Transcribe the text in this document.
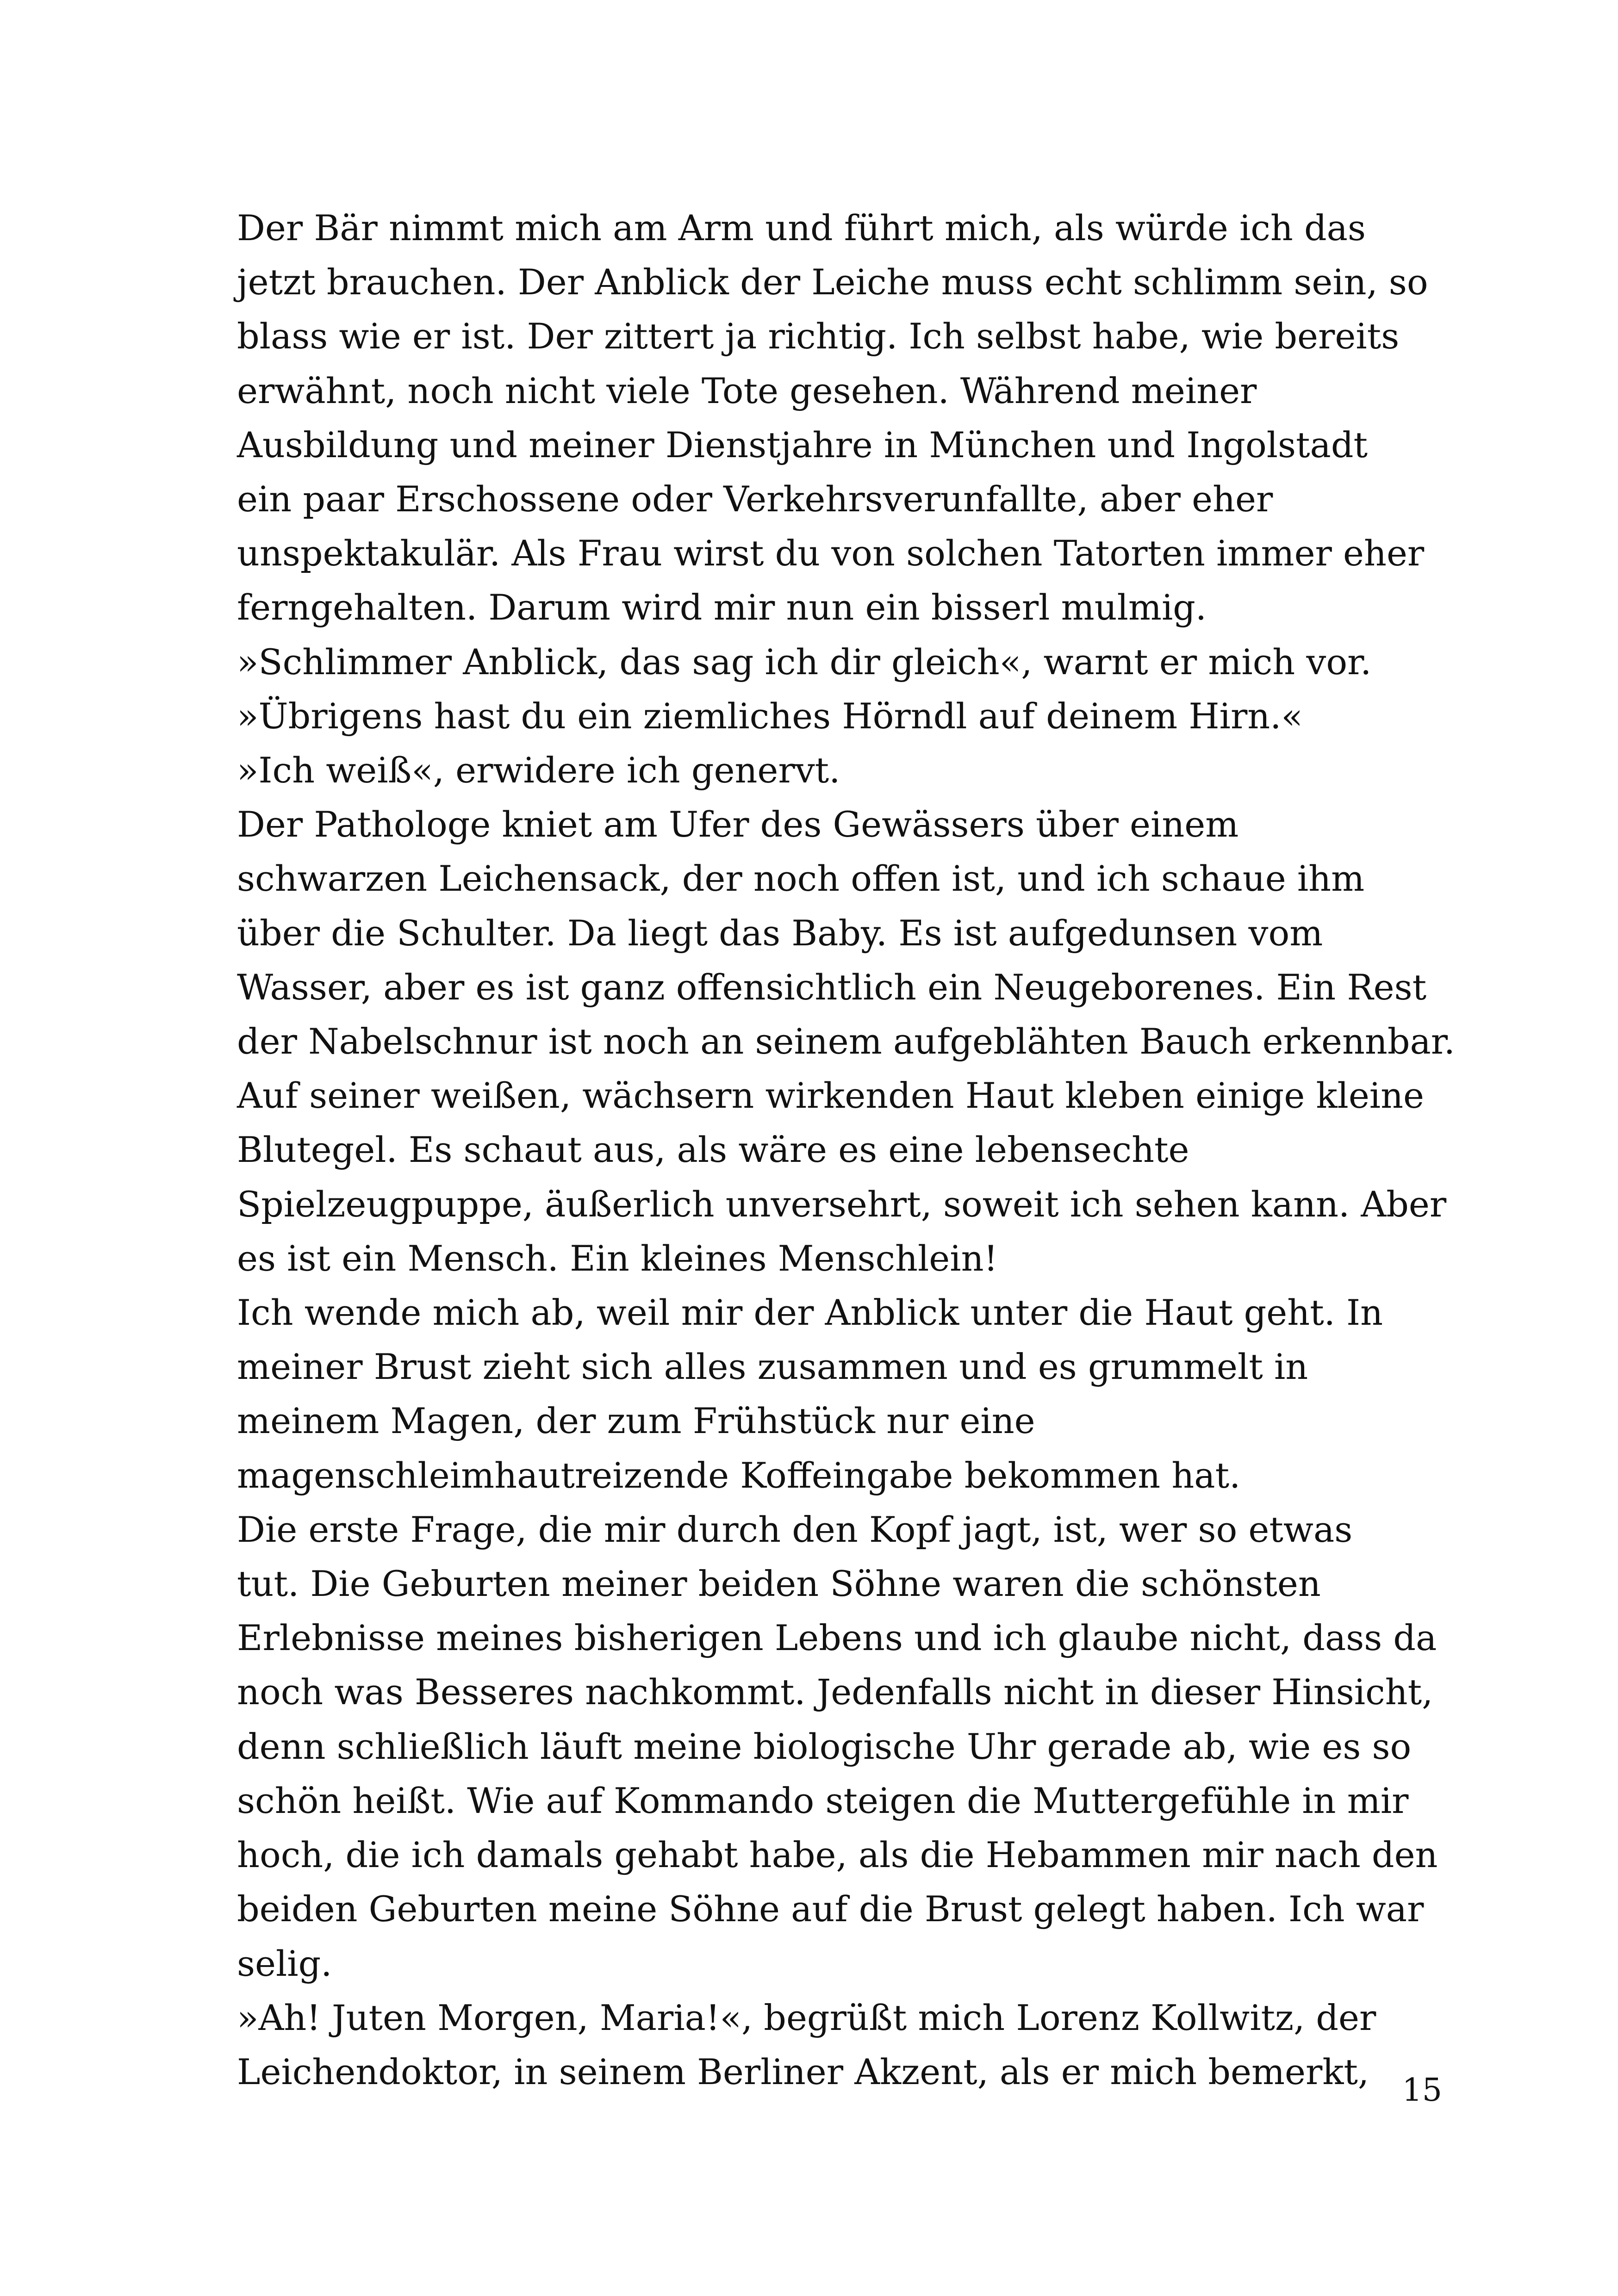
Der Bär nimmt mich am Arm und führt mich, als würde ich das
jetzt brauchen. Der Anblick der Leiche muss echt schlimm sein, so
blass wie er ist. Der zittert ja richtig. Ich selbst habe, wie bereits
erwähnt, noch nicht viele Tote gesehen. Während meiner
Ausbildung und meiner Dienstjahre in München und Ingolstadt
ein paar Erschossene oder Verkehrsverunfallte, aber eher
unspektakulär. Als Frau wirst du von solchen Tatorten immer eher
ferngehalten. Darum wird mir nun ein bisserl mulmig.

»Schlimmer Anblick, das sag ich dir gleich«, warnt er mich vor.
»Übrigens hast du ein ziemliches Hörndl auf deinem Hirn.«

»Ich weiß«, erwidere ich genervt.

Der Pathologe kniet am Ufer des Gewässers über einem
schwarzen Leichensack, der noch offen ist, und ich schaue ihm
über die Schulter. Da liegt das Baby. Es ist aufgedunsen vom
Wasser, aber es ist ganz offensichtlich ein Neugeborenes. Ein Rest
der Nabelschnur ist noch an seinem aufgeblähten Bauch erkennbar.
Auf seiner weißen, wächsern wirkenden Haut kleben einige kleine
Blutegel. Es schaut aus, als wäre es eine lebensechte
Spielzeugpuppe, äußerlich unversehrt, soweit ich sehen kann. Aber
es ist ein Mensch. Ein kleines Menschlein!

Ich wende mich ab, weil mir der Anblick unter die Haut geht. In
meiner Brust zieht sich alles zusammen und es grummelt in
meinem Magen, der zum Frühstück nur eine
magenschleimhautreizende Koffeingabe bekommen hat.

Die erste Frage, die mir durch den Kopf jagt, ist, wer so etwas
tut. Die Geburten meiner beiden Söhne waren die schönsten
Erlebnisse meines bisherigen Lebens und ich glaube nicht, dass da
noch was Besseres nachkommt. Jedenfalls nicht in dieser Hinsicht,
denn schließlich läuft meine biologische Uhr gerade ab, wie es so
schön heißt. Wie auf Kommando steigen die Muttergefühle in mir
hoch, die ich damals gehabt habe, als die Hebammen mir nach den
beiden Geburten meine Söhne auf die Brust gelegt haben. Ich war
selig.

»Ah! Juten Morgen, Maria!«, begrüßt mich Lorenz Kollwitz, der
Leichendoktor, in seinem Berliner Akzent, als er mich bemerkt,	15
